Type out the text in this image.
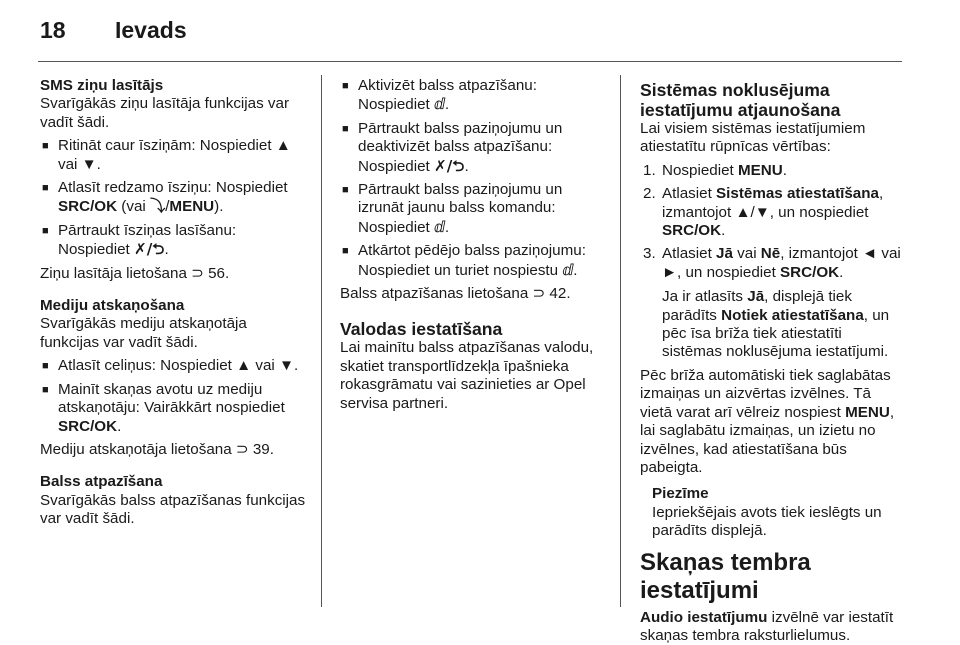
18 Ievads

SMS ziņu lasītājs

Svarīgākās ziņu lasītāja funkcijas var vadīt šādi.

■ Ritināt caur īsziņām: Nospiediet ▲ vai ▼.
■ Atlasīt redzamo īsziņu: Nospiediet SRC/OK (vai ⤵/MENU).
■ Pārtraukt īsziņas lasīšanu: Nospiediet ✗/⮌.

Ziņu lasītāja lietošana ⊃ 56.

Mediju atskaņošana

Svarīgākās mediju atskaņotāja funkcijas var vadīt šādi.

■ Atlasīt celiņus: Nospiediet ▲ vai ▼.
■ Mainīt skaņas avotu uz mediju atskaņotāju: Vairākkārt nospiediet SRC/OK.

Mediju atskaņotāja lietošana ⊃ 39.

Balss atpazīšana

Svarīgākās balss atpazīšanas funkcijas var vadīt šādi.

■ Aktivizēt balss atpazīšanu: Nospiediet ⅆ.
■ Pārtraukt balss paziņojumu un deaktivizēt balss atpazīšanu: Nospiediet ✗/⮌.
■ Pārtraukt balss paziņojumu un izrunāt jaunu balss komandu: Nospiediet ⅆ.
■ Atkārtot pēdējo balss paziņojumu: Nospiediet un turiet nospiestu ⅆ.

Balss atpazīšanas lietošana ⊃ 42.

Valodas iestatīšana

Lai mainītu balss atpazīšanas valodu, skatiet transportlīdzekļa īpašnieka rokasgrāmatu vai sazinieties ar Opel servisa partneri.

Sistēmas noklusējuma iestatījumu atjaunošana

Lai visiem sistēmas iestatījumiem atiestatītu rūpnīcas vērtības:

1. Nospiediet MENU.
2. Atlasiet Sistēmas atiestatīšana, izmantojot ▲/▼, un nospiediet SRC/OK.
3. Atlasiet Jā vai Nē, izmantojot ◄ vai ►, un nospiediet SRC/OK.
Ja ir atlasīts Jā, displejā tiek parādīts Notiek atiestatīšana, un pēc īsa brīža tiek atiestatīti sistēmas noklusējuma iestatījumi.

Pēc brīža automātiski tiek saglabātas izmaiņas un aizvērtas izvēlnes. Tā vietā varat arī vēlreiz nospiest MENU, lai saglabātu izmaiņas, un izietu no izvēlnes, kad atiestatīšana būs pabeigta.

Piezīme

Iepriekšējais avots tiek ieslēgts un parādīts displejā.

Skaņas tembra iestatījumi

Audio iestatījumu izvēlnē var iestatīt skaņas tembra raksturlielumus.
